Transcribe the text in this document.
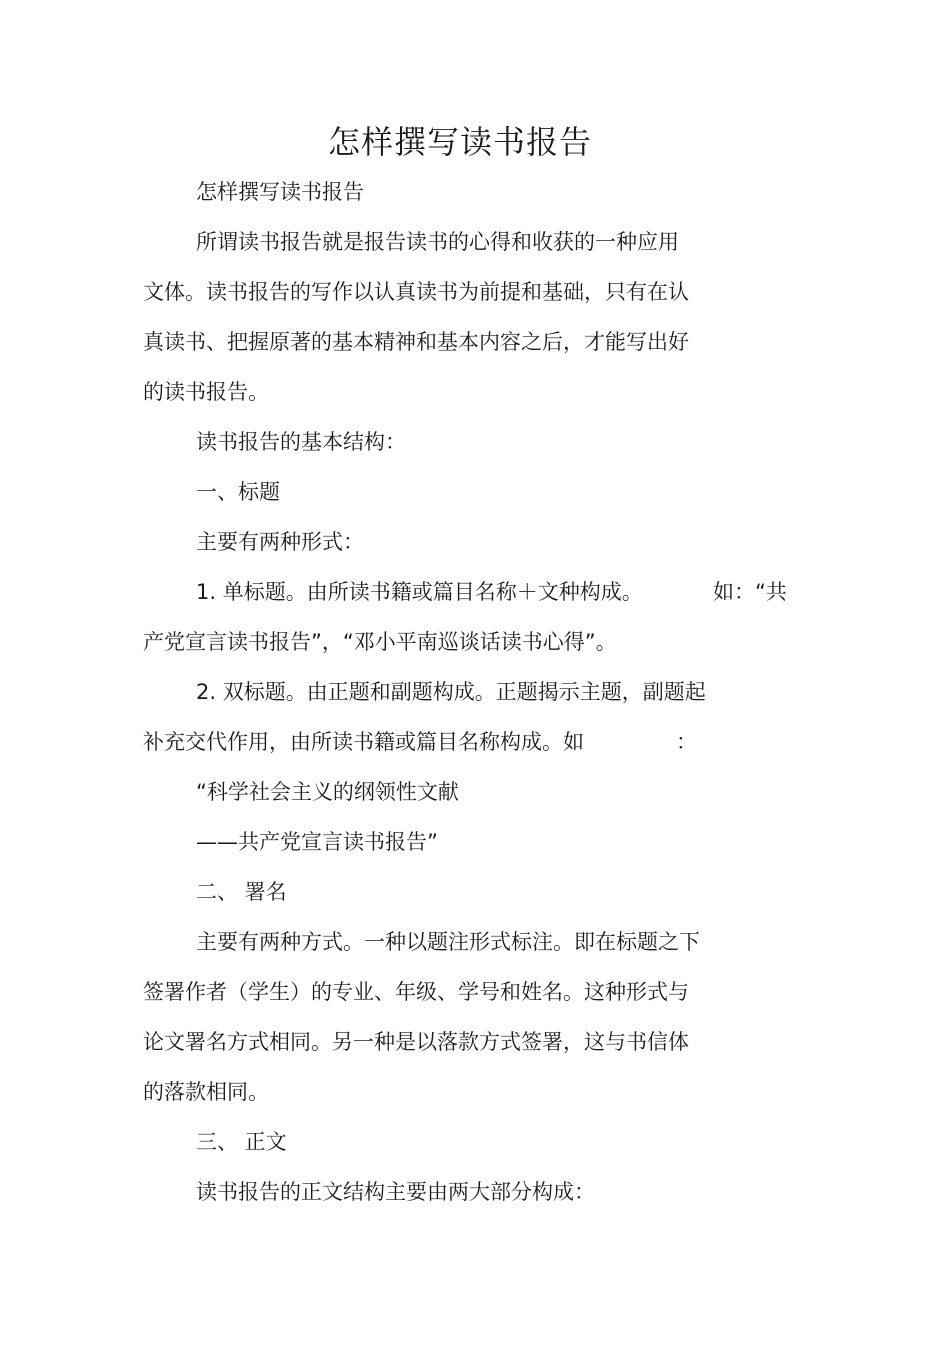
怎样撰写读书报告
怎样撰写读书报告
所谓读书报告就是报告读书的心得和收获的一种应用
文体。读书报告的写作以认真读书为前提和基础，只有在认
真读书、把握原著的基本精神和基本内容之后，才能写出好
的读书报告。
读书报告的基本结构：
一、标题
主要有两种形式：
1. 单标题。由所读书籍或篇目名称＋文种构成。	如：“共
产党宣言读书报告”，“邓小平南巡谈话读书心得”。
2. 双标题。由正题和副题构成。正题揭示主题，副题起
补充交代作用，由所读书籍或篇目名称构成。如	：
“科学社会主义的纲领性文献
——共产党宣言读书报告”
二、 署名
主要有两种方式。一种以题注形式标注。即在标题之下
签署作者（学生）的专业、年级、学号和姓名。这种形式与
论文署名方式相同。另一种是以落款方式签署，这与书信体
的落款相同。
三、 正文
读书报告的正文结构主要由两大部分构成：
